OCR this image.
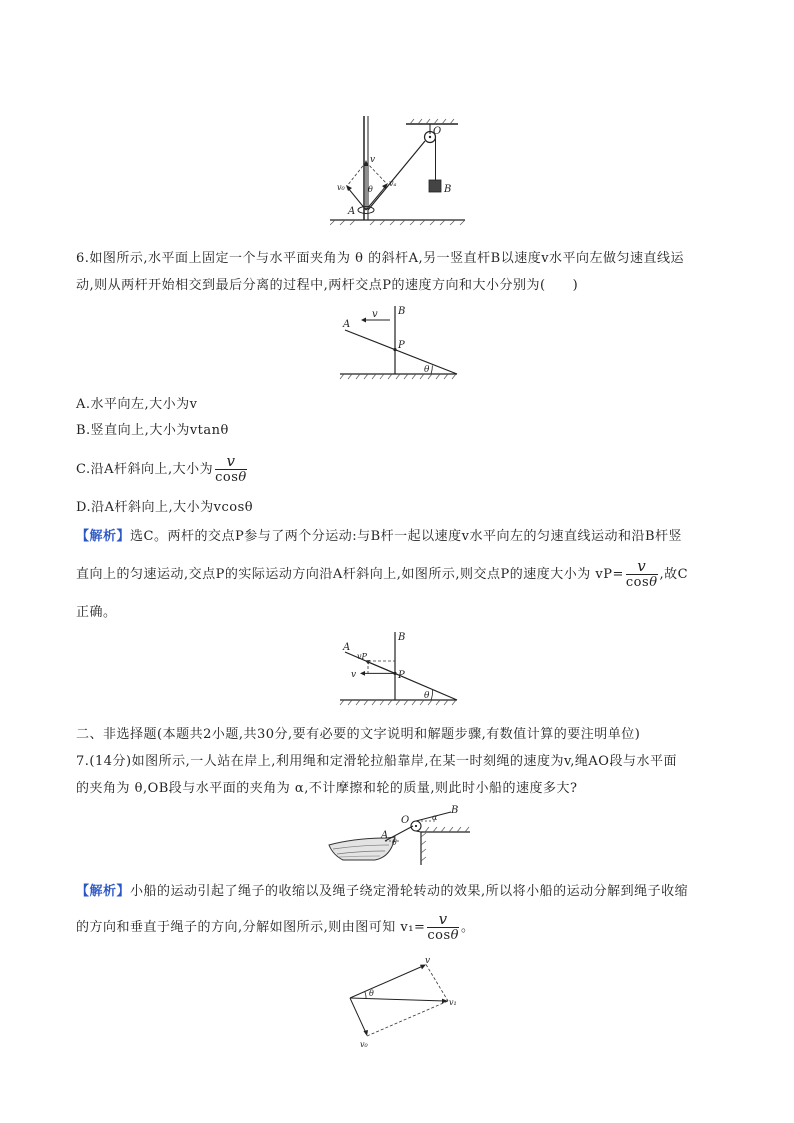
O
B
A
v
v₀	vₐ
θ
6.如图所示,水平面上固定一个与水平面夹角为 θ 的斜杆A,另一竖直杆B以速度v水平向左做匀速直线运
动,则从两杆开始相交到最后分离的过程中,两杆交点P的速度方向和大小分别为(　　)
A
B
v
P
θ
A.水平向左,大小为v
B.竖直向上,大小为vtanθ
C.沿A杆斜向上,大小为 $\frac{v}{\cos\theta}$
D.沿A杆斜向上,大小为vcosθ
【解析】选C。两杆的交点P参与了两个分运动:与B杆一起以速度v水平向左的匀速直线运动和沿B杆竖
直向上的匀速运动,交点P的实际运动方向沿A杆斜向上,如图所示,则交点P的速度大小为 $vP= \frac{v}{\cos\theta}$ ,故C
正确。
A
B
vP
v	P
θ
二、非选择题(本题共2小题,共30分,要有必要的文字说明和解题步骤,有数值计算的要注明单位)
7.(14分)如图所示,一人站在岸上,利用绳和定滑轮拉船靠岸,在某一时刻绳的速度为v,绳AO段与水平面
的夹角为 θ,OB段与水平面的夹角为 α,不计摩擦和轮的质量,则此时小船的速度多大?
O
B
A
α
θ
【解析】小船的运动引起了绳子的收缩以及绳子绕定滑轮转动的效果,所以将小船的运动分解到绳子收缩
的方向和垂直于绳子的方向,分解如图所示,则由图可知 $v_1= \frac{v}{\cos\theta}$ 。
v
v₁
v₀
θ
